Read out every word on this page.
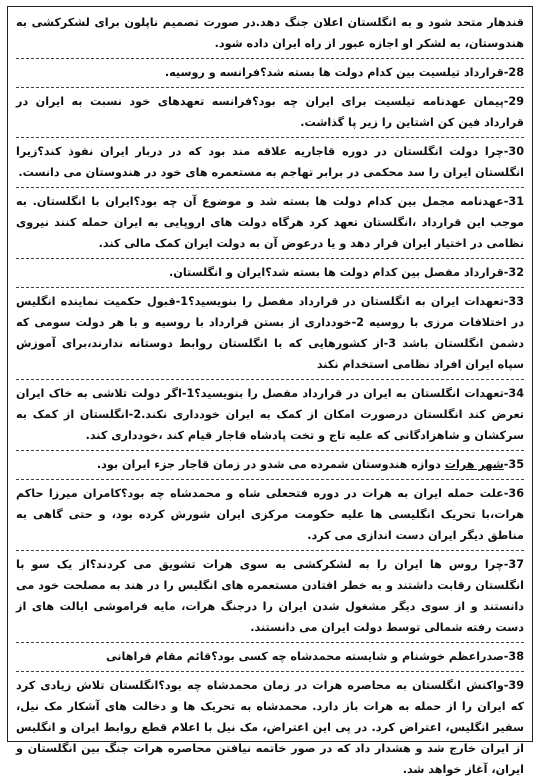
قندهار متحد شود و به انگلستان اعلان جنگ دهد.در صورت تصمیم ناپلون برای لشکرکشی به هندوستان، به لشکر او اجازه عبور از راه ایران داده شود.
28-قرارداد تیلسیت بین کدام دولت ها بسته شد؟فرانسه و روسیه.
29-پیمان عهدنامه تیلسیت برای ایران چه بود؟فرانسه تعهدهای خود نسبت به ایران در قرارداد فین کن اشتاین را زیر پا گذاشت.
30-چرا دولت انگلستان در دوره قاجاریه علاقه مند بود که در دربار ایران نفوذ کند؟زیرا انگلستان ایران را سد محکمی در برابر تهاجم به مستعمره های خود در هندوستان می دانست.
31-عهدنامه مجمل بین کدام دولت ها بسته شد و موضوع آن چه بود؟ایران با انگلستان. به موجب این قرارداد ،انگلستان تعهد کرد هرگاه دولت های اروپایی به ایران حمله کنند نیروی نظامی در اختیار ایران قرار دهد و یا درعوض آن به دولت ایران کمک مالی کند.
32-قرارداد مفصل بین کدام دولت ها بسته شد؟ایران و انگلستان.
33-تعهدات ایران به انگلستان در قرارداد مفصل را بنویسید؟1-قبول حکمیت نماینده انگلیس در اختلافات مرزی با روسیه 2-خودداری از بستن قرارداد با روسیه و با هر دولت سومی که دشمن انگلستان باشد 3-از کشورهایی که با انگلستان روابط دوستانه ندارند،برای آموزش سپاه ایران افراد نظامی استخدام نکند
34-تعهدات انگلستان به ایران در قرارداد مفصل را بنویسید؟1-اگر دولت تلاشی به خاک ایران تعرض کند انگلستان درصورت امکان از کمک به ایران خودداری نکند.2-انگلستان از کمک به سرکشان و شاهزادگانی که علیه تاج و تخت پادشاه قاجار قیام کند ،خودداری کند.
35-شهر هرات دوازه هندوستان شمرده می شدو در زمان قاجار جزء ایران بود.
36-علت حمله ایران به هرات در دوره فتحعلی شاه و محمدشاه چه بود؟کامران میرزا حاکم هرات،با تحریک انگلیسی ها علیه حکومت مرکزی ایران شورش کرده بود، و حتی گاهی به مناطق دیگر ایران دست اندازی می کرد.
37-چرا روس ها ایران را به لشکرکشی به سوی هرات تشویق می کردند؟از یک سو با انگلستان رقابت داشتند و به خطر افتادن مستعمره های انگلیس را در هند به مصلحت خود می دانستند و از سوی دیگر مشغول شدن ایران را درجنگ هرات، مایه فراموشی ایالت های از دست رفته شمالی توسط دولت ایران می دانستند.
38-صدراعظم خوشنام و شایسته محمدشاه چه کسی بود؟قائم مقام فراهانی
39-واکنش انگلستان به محاصره هرات در زمان محمدشاه چه بود؟انگلستان تلاش زیادی کرد که ایران را از حمله به هرات باز دارد. محمدشاه به تحریک ها و دخالت های آشکار مک نیل، سفیر انگلیس، اعتراض کرد. در پی این اعتراض، مک نیل با اعلام قطع روابط ایران و انگلیس از ایران خارج شد و هشدار داد که در صور خاتمه نیافتن محاصره هرات جنگ بین انگلستان و ایران، آغاز خواهد شد.
